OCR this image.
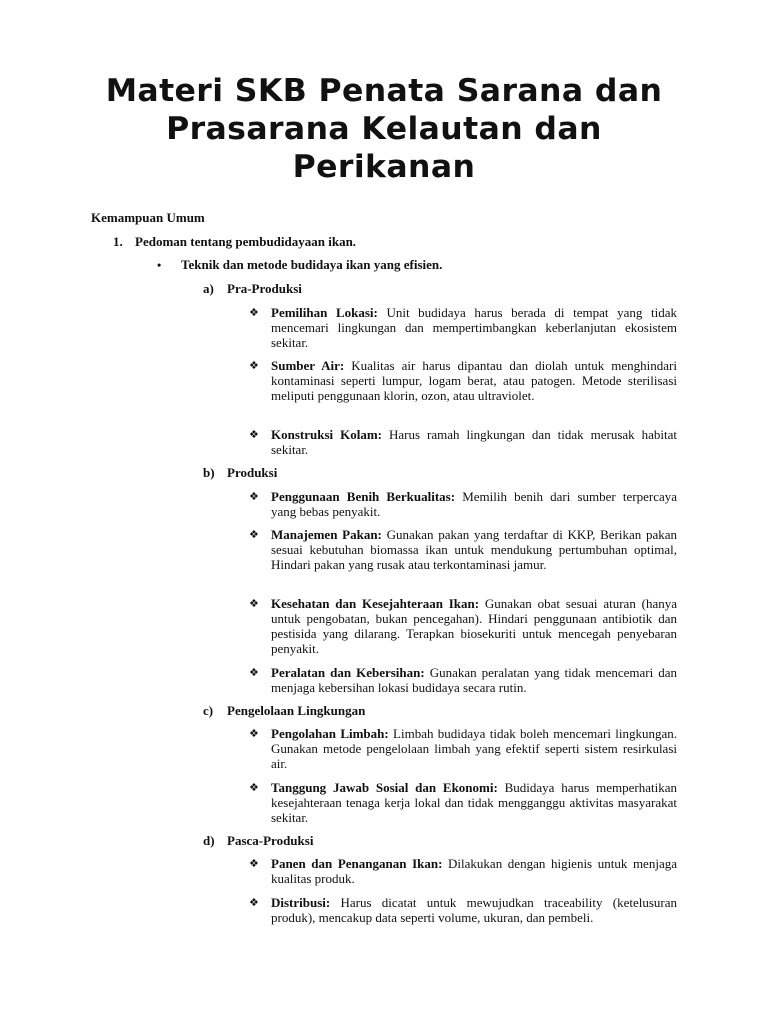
Materi SKB Penata Sarana dan Prasarana Kelautan dan Perikanan
Kemampuan Umum
1. Pedoman tentang pembudidayaan ikan.
• Teknik dan metode budidaya ikan yang efisien.
a) Pra-Produksi
❖ Pemilihan Lokasi: Unit budidaya harus berada di tempat yang tidak mencemari lingkungan dan mempertimbangkan keberlanjutan ekosistem sekitar.
❖ Sumber Air: Kualitas air harus dipantau dan diolah untuk menghindari kontaminasi seperti lumpur, logam berat, atau patogen. Metode sterilisasi meliputi penggunaan klorin, ozon, atau ultraviolet.
❖ Konstruksi Kolam: Harus ramah lingkungan dan tidak merusak habitat sekitar.
b) Produksi
❖ Penggunaan Benih Berkualitas: Memilih benih dari sumber terpercaya yang bebas penyakit.
❖ Manajemen Pakan: Gunakan pakan yang terdaftar di KKP, Berikan pakan sesuai kebutuhan biomassa ikan untuk mendukung pertumbuhan optimal, Hindari pakan yang rusak atau terkontaminasi jamur.
❖ Kesehatan dan Kesejahteraan Ikan: Gunakan obat sesuai aturan (hanya untuk pengobatan, bukan pencegahan). Hindari penggunaan antibiotik dan pestisida yang dilarang. Terapkan biosekuriti untuk mencegah penyebaran penyakit.
❖ Peralatan dan Kebersihan: Gunakan peralatan yang tidak mencemari dan menjaga kebersihan lokasi budidaya secara rutin.
c) Pengelolaan Lingkungan
❖ Pengolahan Limbah: Limbah budidaya tidak boleh mencemari lingkungan. Gunakan metode pengelolaan limbah yang efektif seperti sistem resirkulasi air.
❖ Tanggung Jawab Sosial dan Ekonomi: Budidaya harus memperhatikan kesejahteraan tenaga kerja lokal dan tidak mengganggu aktivitas masyarakat sekitar.
d) Pasca-Produksi
❖ Panen dan Penanganan Ikan: Dilakukan dengan higienis untuk menjaga kualitas produk.
❖ Distribusi: Harus dicatat untuk mewujudkan traceability (ketelusuran produk), mencakup data seperti volume, ukuran, dan pembeli.
